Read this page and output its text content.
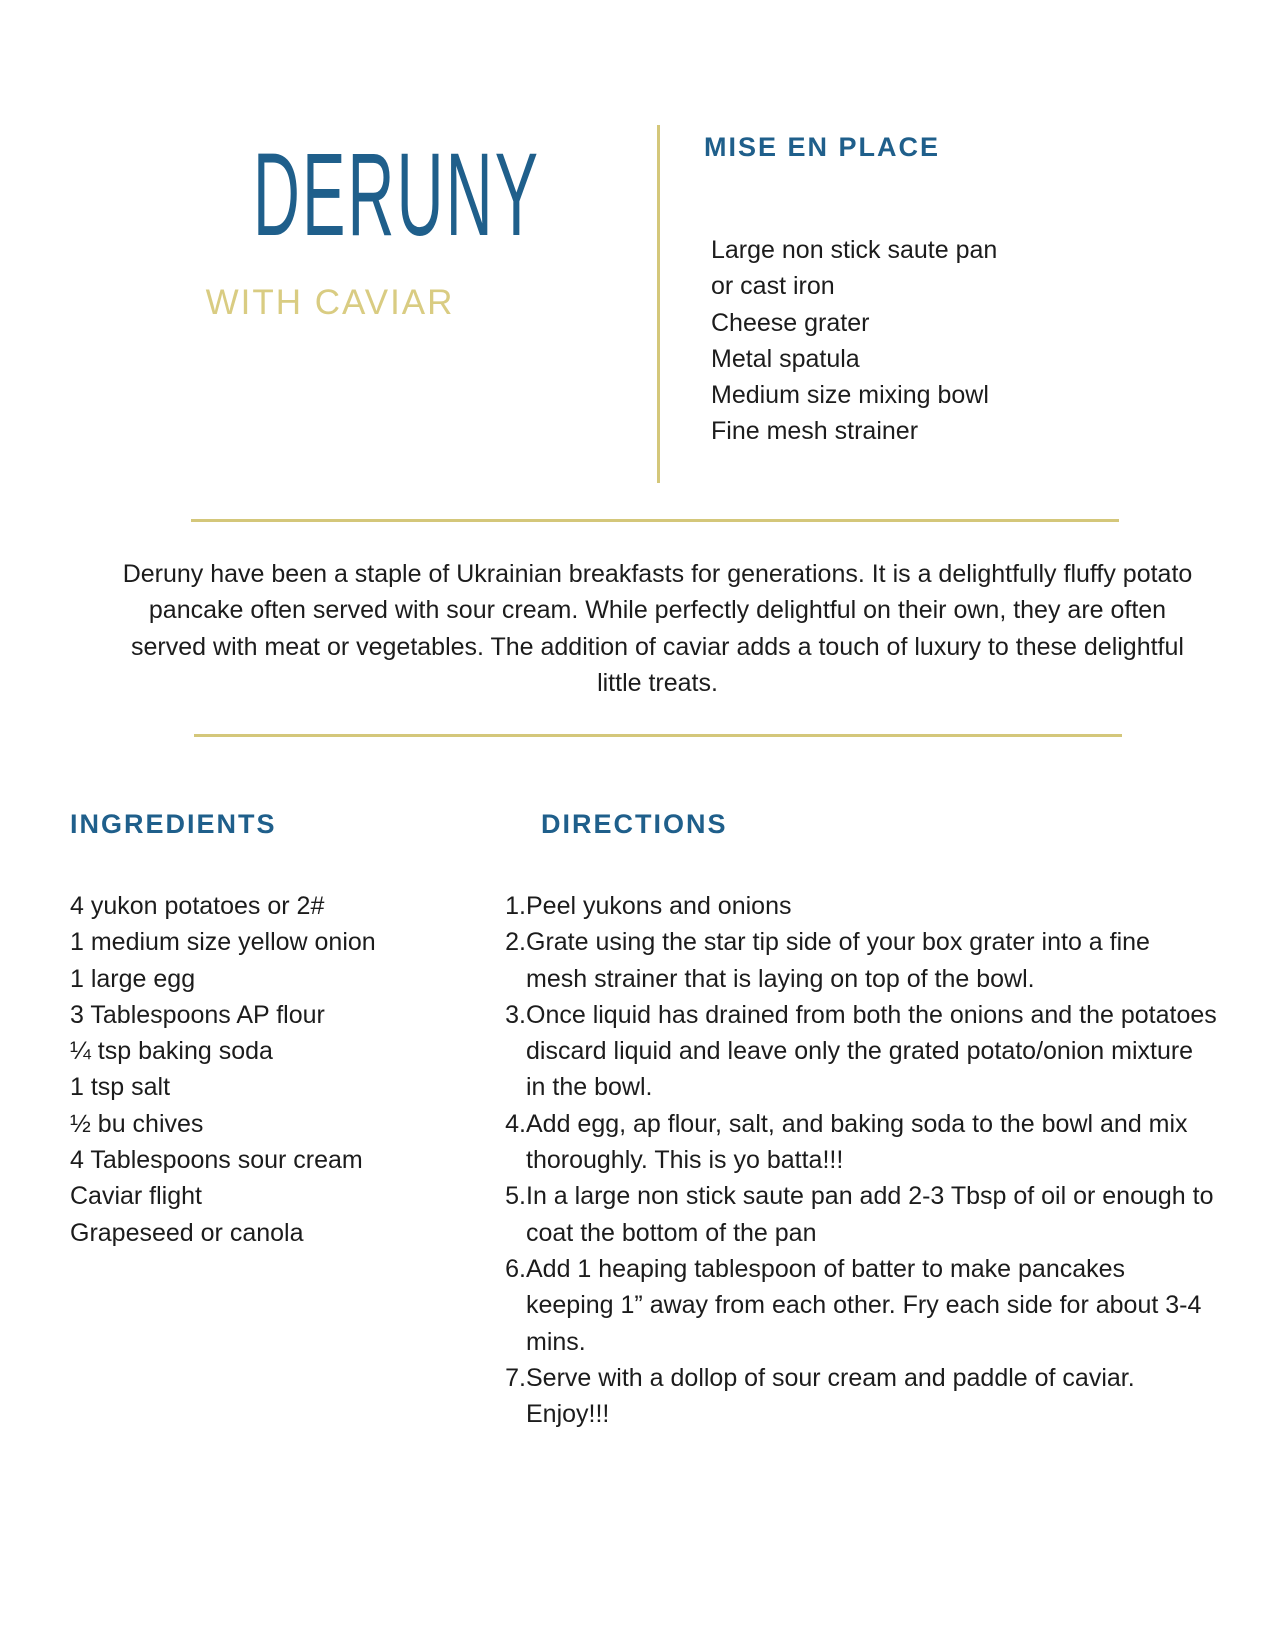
DERUNY
WITH CAVIAR
MISE EN PLACE
Large non stick saute pan or cast iron
Cheese grater
Metal spatula
Medium size mixing bowl
Fine mesh strainer

Deruny have been a staple of Ukrainian breakfasts for generations. It is a delightfully fluffy potato pancake often served with sour cream. While perfectly delightful on their own, they are often served with meat or vegetables. The addition of caviar adds a touch of luxury to these delightful little treats.

INGREDIENTS
4 yukon potatoes or 2#
1 medium size yellow onion
1 large egg
3 Tablespoons AP flour
¼ tsp baking soda
1 tsp salt
½ bu chives
4 Tablespoons sour cream
Caviar flight
Grapeseed or canola
DIRECTIONS
1. Peel yukons and onions
2. Grate using the star tip side of your box grater into a fine mesh strainer that is laying on top of the bowl.
3. Once liquid has drained from both the onions and the potatoes discard liquid and leave only the grated potato/onion mixture in the bowl.
4. Add egg, ap flour, salt, and baking soda to the bowl and mix thoroughly. This is yo batta!!!
5. In a large non stick saute pan add 2-3 Tbsp of oil or enough to coat the bottom of the pan
6. Add 1 heaping tablespoon of batter to make pancakes keeping 1” away from each other. Fry each side for about 3-4 mins.
7. Serve with a dollop of sour cream and paddle of caviar. Enjoy!!!
